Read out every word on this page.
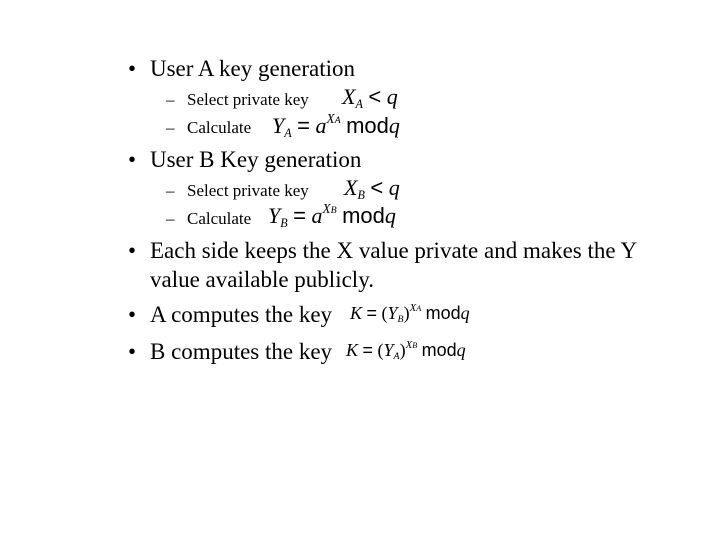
• User A key generation
– Select private key XA < q
– Calculate YA = $a^{XA}$ modq
• User B Key generation
– Select private key XB < q
– Calculate YB = $a^{XB}$ modq
• Each side keeps the X value private and makes the Y
value available publicly.
• A computes the key K = (YB)$^{XA}$ modq
• B computes the key K = (YA)$^{XB}$ modq
